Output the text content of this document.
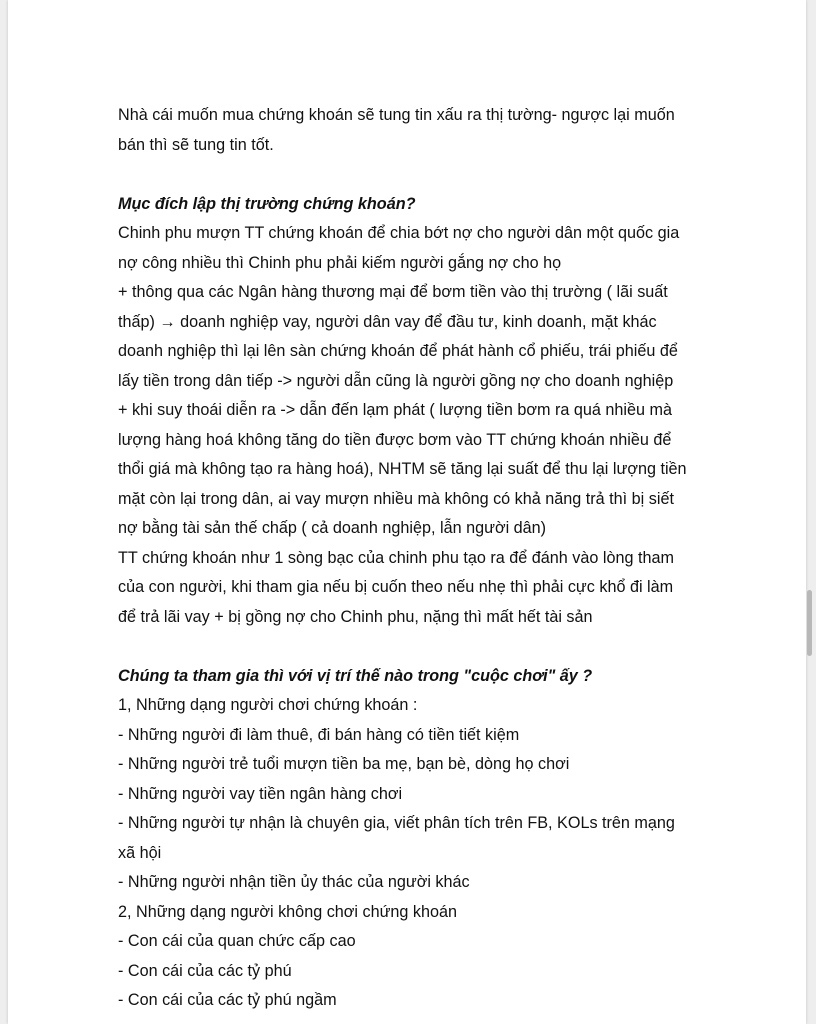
Nhà cái muốn mua chứng khoán sẽ tung tin xấu ra thị tường- ngược lại muốn

bán thì sẽ tung tin tốt.

Mục đích lập thị trường chứng khoán?

Chinh phu mượn TT chứng khoán để chia bớt nợ cho người dân một quốc gia

nợ công nhiều thì Chinh phu phải kiếm người gắng nợ cho họ

+ thông qua các Ngân hàng thương mại để bơm tiền vào thị trường ( lãi suất

thấp) → doanh nghiệp vay, người dân vay để đầu tư, kinh doanh, mặt khác

doanh nghiệp thì lại lên sàn chứng khoán để phát hành cổ phiếu, trái phiếu để

lấy tiền trong dân tiếp -> người dẫn cũng là người gồng nợ cho doanh nghiệp

+ khi suy thoái diễn ra -> dẫn đến lạm phát ( lượng tiền bơm ra quá nhiều mà

lượng hàng hoá không tăng do tiền được bơm vào TT chứng khoán nhiều để

thổi giá mà không tạo ra hàng hoá), NHTM sẽ tăng lại suất để thu lại lượng tiền

mặt còn lại trong dân, ai vay mượn nhiều mà không có khả năng trả thì bị siết

nợ bằng tài sản thế chấp ( cả doanh nghiệp, lẫn người dân)

TT chứng khoán như 1 sòng bạc của chinh phu tạo ra để đánh vào lòng tham

của con người, khi tham gia nếu bị cuốn theo nếu nhẹ thì phải cực khổ đi làm

để trả lãi vay + bị gồng nợ cho Chinh phu, nặng thì mất hết tài sản

Chúng ta tham gia thì với vị trí thế nào trong "cuộc chơi" ấy ?

1, Những dạng người chơi chứng khoán :

- Những người đi làm thuê, đi bán hàng có tiền tiết kiệm

- Những người trẻ tuổi mượn tiền ba mẹ, bạn bè, dòng họ chơi

- Những người vay tiền ngân hàng chơi

- Những người tự nhận là chuyên gia, viết phân tích trên FB, KOLs trên mạng

xã hội

- Những người nhận tiền ủy thác của người khác

2, Những dạng người không chơi chứng khoán

- Con cái của quan chức cấp cao

- Con cái của các tỷ phú

- Con cái của các tỷ phú ngầm
